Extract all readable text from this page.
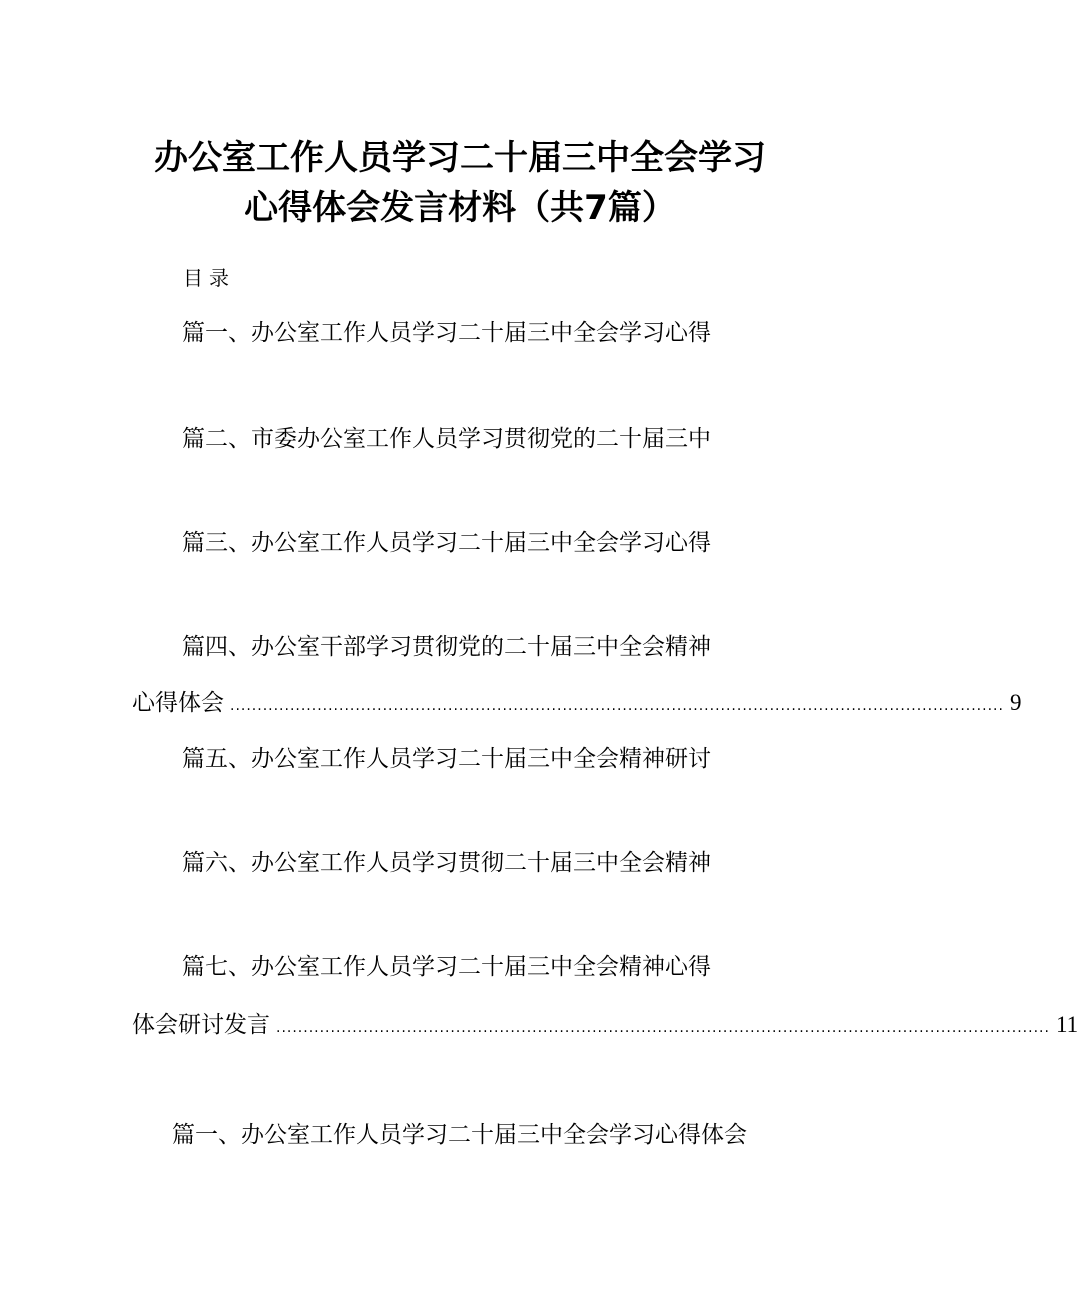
办公室工作人员学习二十届三中全会学习
心得体会发言材料（共7篇）
目录
篇一、办公室工作人员学习二十届三中全会学习心得
篇二、市委办公室工作人员学习贯彻党的二十届三中
篇三、办公室工作人员学习二十届三中全会学习心得
篇四、办公室干部学习贯彻党的二十届三中全会精神
心得体会 .............................................................................................................................................. 9
篇五、办公室工作人员学习二十届三中全会精神研讨
篇六、办公室工作人员学习贯彻二十届三中全会精神
篇七、办公室工作人员学习二十届三中全会精神心得
体会研讨发言 .............................................................................................................................................. 11
篇一、办公室工作人员学习二十届三中全会学习心得体会
